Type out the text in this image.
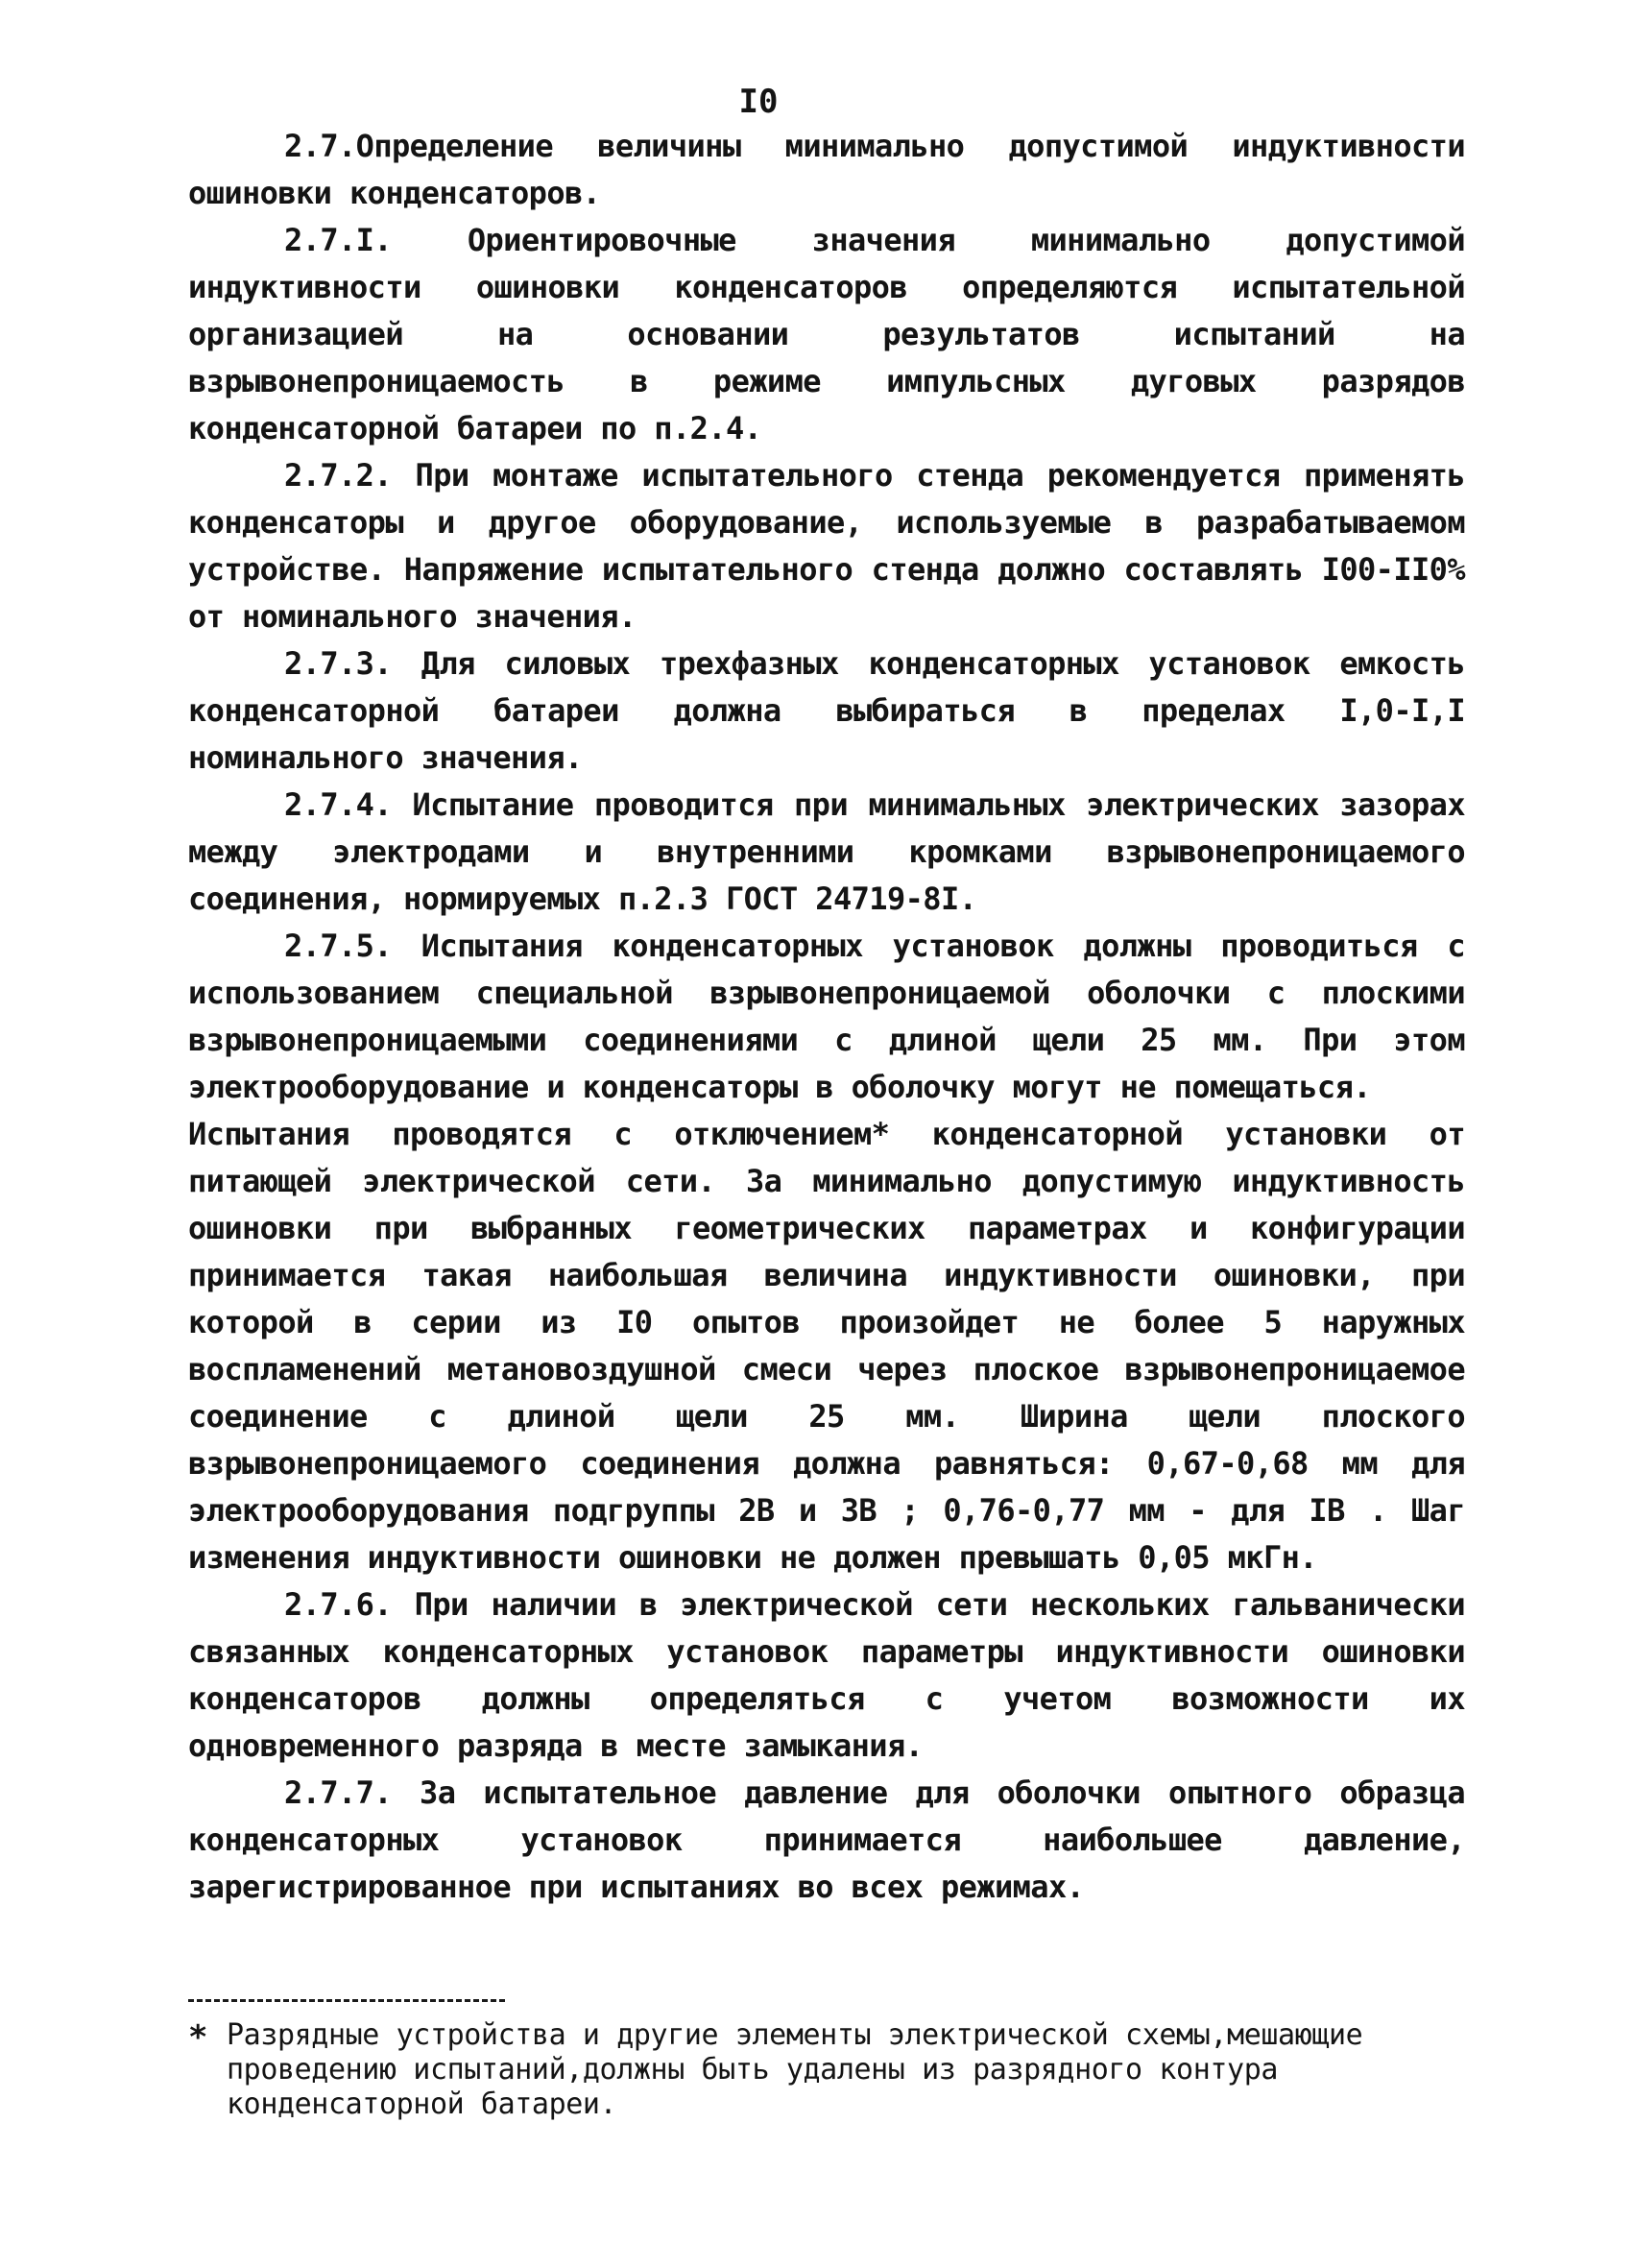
I0

2.7.Определение величины минимально допустимой индуктивности ошиновки конденсаторов.

2.7.I. Ориентировочные значения минимально допустимой индуктивности ошиновки конденсаторов определяются испытательной организацией на основании результатов испытаний на взрывонепроницаемость в режиме импульсных дуговых разрядов конденсаторной батареи по п.2.4.

2.7.2. При монтаже испытательного стенда рекомендуется применять конденсаторы и другое оборудование, используемые в разрабатываемом устройстве. Напряжение испытательного стенда должно составлять I00-II0% от номинального значения.

2.7.3. Для силовых трехфазных конденсаторных установок емкость конденсаторной батареи должна выбираться в пределах I,0-I,I номинального значения.

2.7.4. Испытание проводится при минимальных электрических зазорах между электродами и внутренними кромками взрывонепроницаемого соединения, нормируемых п.2.3 ГОСТ 24719-8I.

2.7.5. Испытания конденсаторных установок должны проводиться с использованием специальной взрывонепроницаемой оболочки с плоскими взрывонепроницаемыми соединениями с длиной щели 25 мм. При этом электрооборудование и конденсаторы в оболочку могут не помещаться.

Испытания проводятся с отключением* конденсаторной установки от питающей электрической сети. За минимально допустимую индуктивность ошиновки при выбранных геометрических параметрах и конфигурации принимается такая наибольшая величина индуктивности ошиновки, при которой в серии из I0 опытов произойдет не более 5 наружных воспламенений метановоздушной смеси через плоское взрывонепроницаемое соединение с длиной щели 25 мм. Ширина щели плоского взрывонепроницаемого соединения должна равняться: 0,67-0,68 мм для электрооборудования подгруппы 2В и 3В ; 0,76-0,77 мм - для IВ . Шаг изменения индуктивности ошиновки не должен превышать 0,05 мкГн.

2.7.6. При наличии в электрической сети нескольких гальванически связанных конденсаторных установок параметры индуктивности ошиновки конденсаторов должны определяться с учетом возможности их одновременного разряда в месте замыкания.

2.7.7. За испытательное давление для оболочки опытного образца конденсаторных установок принимается наибольшее давление, зарегистрированное при испытаниях во всех режимах.

* Разрядные устройства и другие элементы электрической схемы,мешающие проведению испытаний,должны быть удалены из разрядного контура конденсаторной батареи.
